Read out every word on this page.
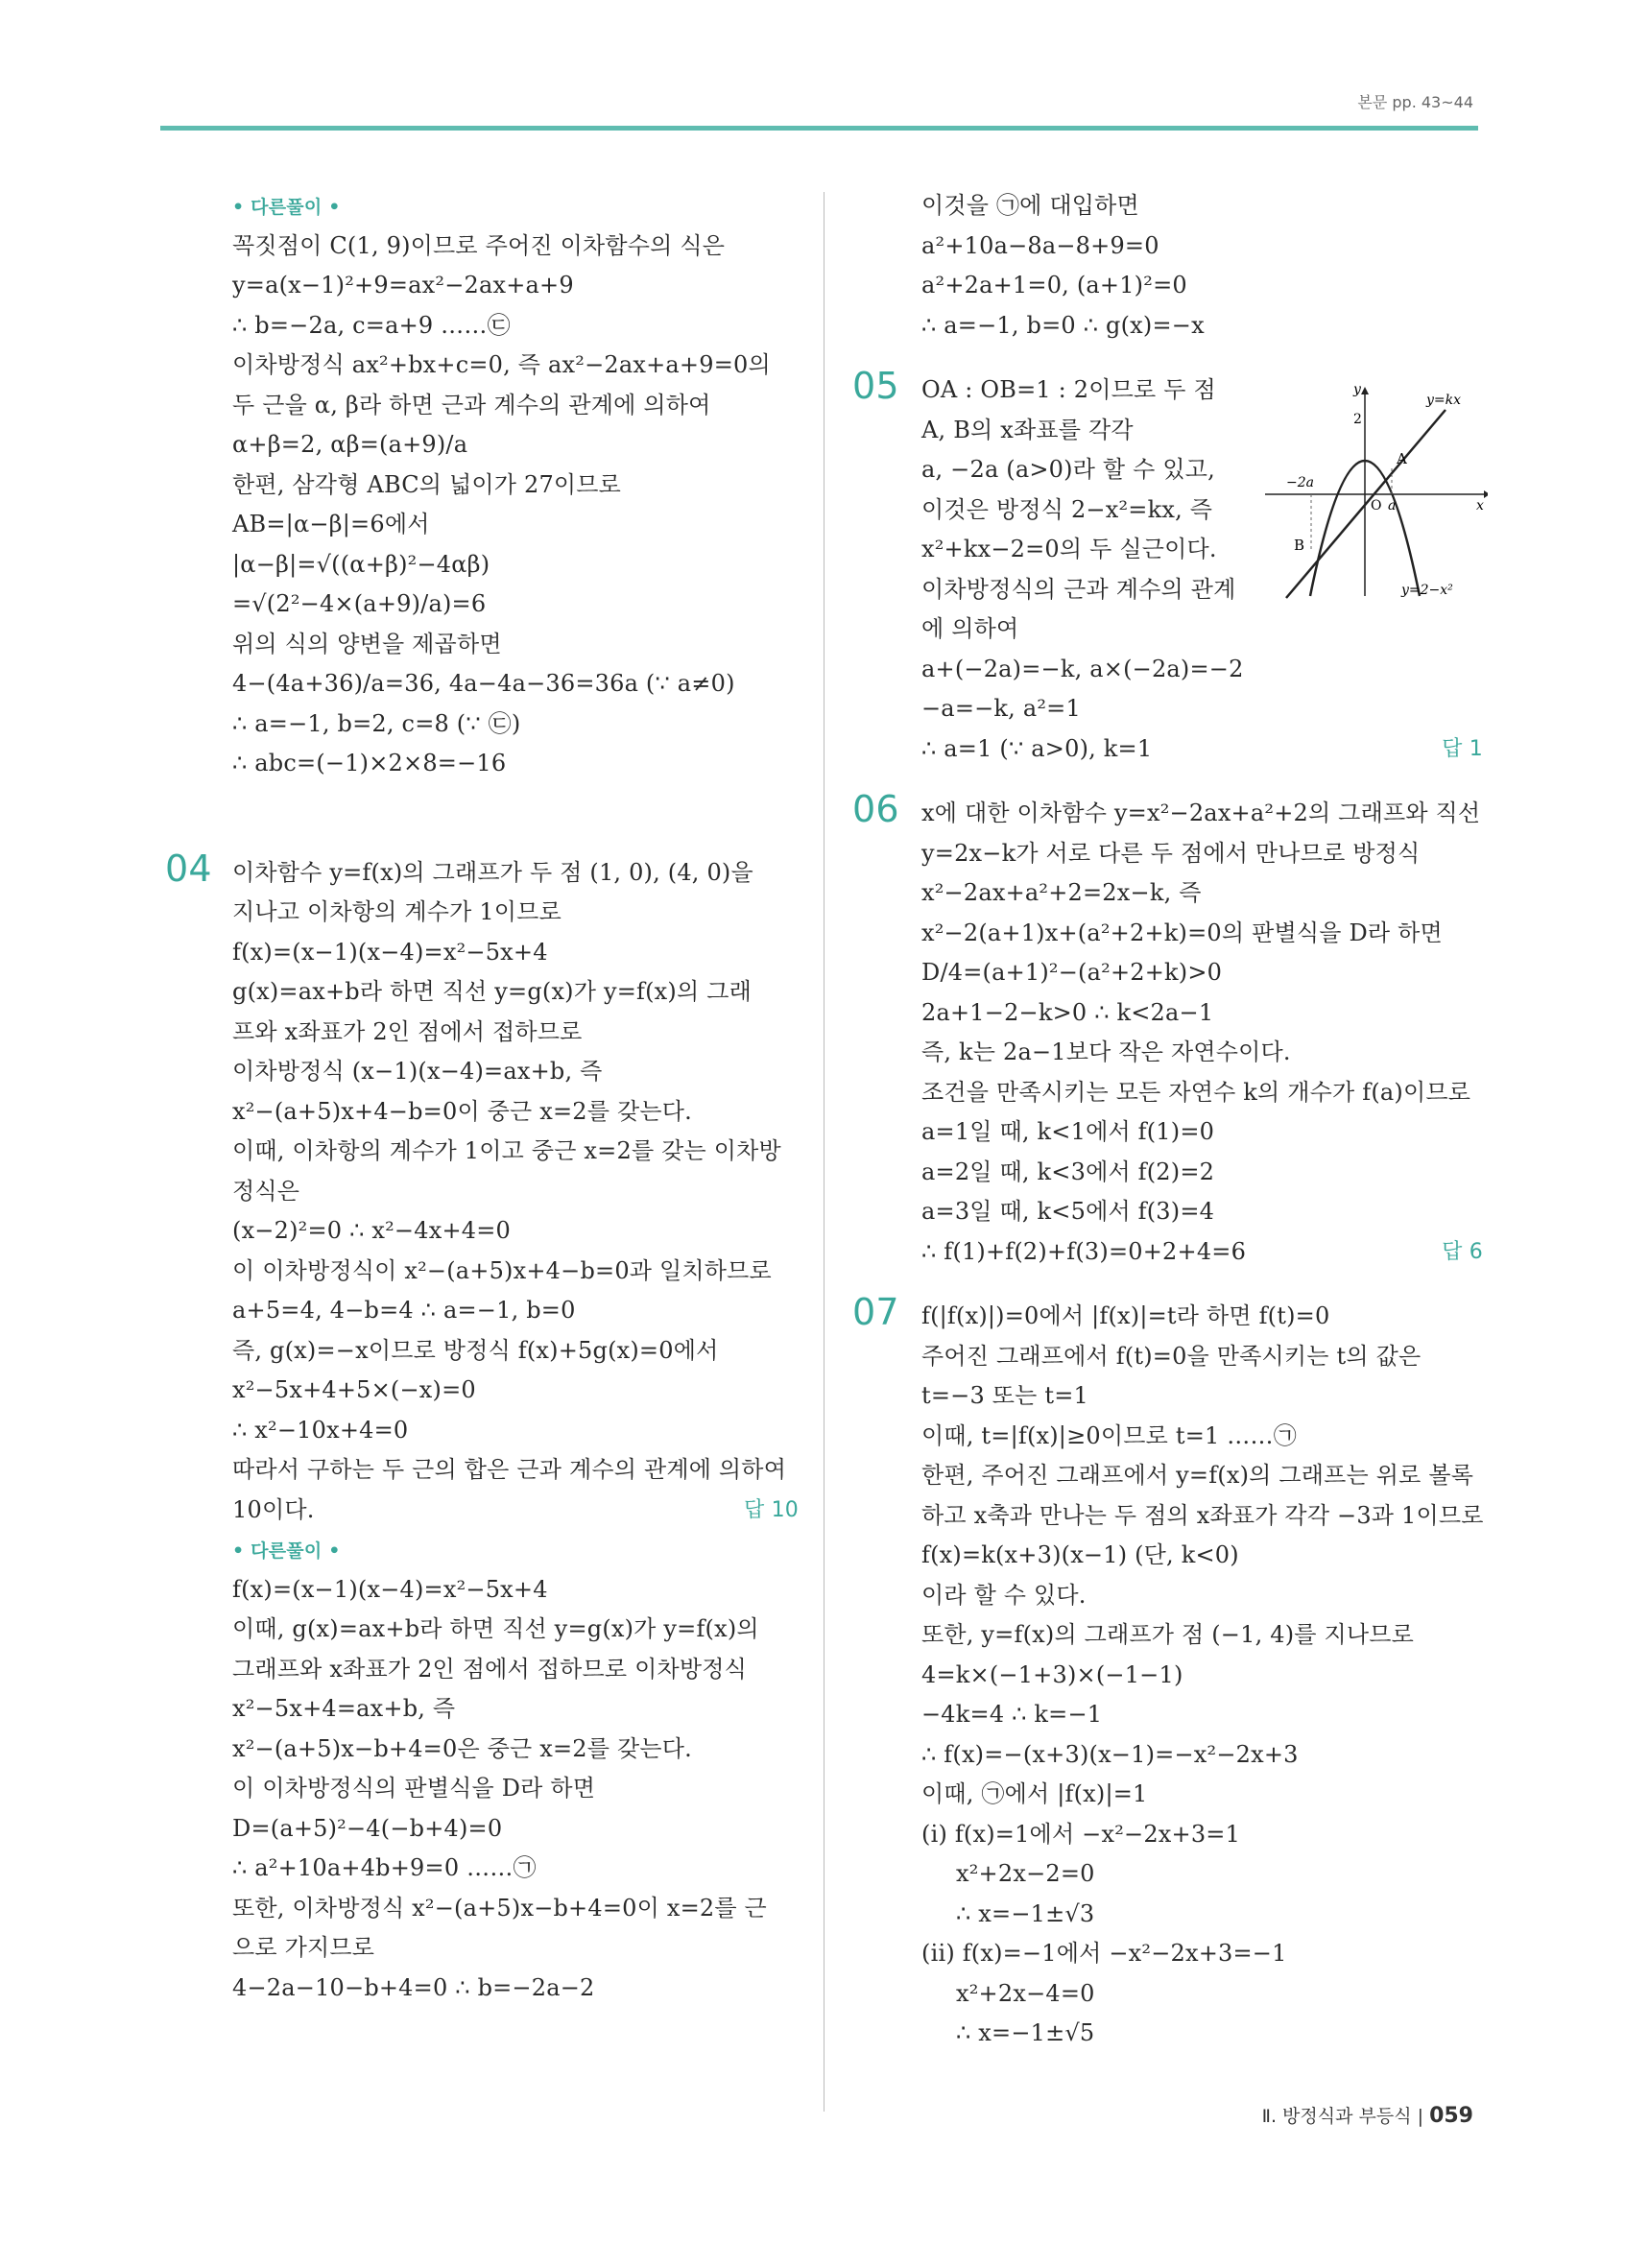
본문 pp. 43~44
• 다른풀이 •
꼭짓점이 C(1, 9)이므로 주어진 이차함수의 식은
y=a(x−1)²+9=ax²−2ax+a+9
∴ b=−2a, c=a+9 ……㉢
이차방정식 ax²+bx+c=0, 즉 ax²−2ax+a+9=0의
두 근을 α, β라 하면 근과 계수의 관계에 의하여
α+β=2, αβ=(a+9)/a
한편, 삼각형 ABC의 넓이가 27이므로
AB=|α−β|=6에서
|α−β|=√((α+β)²−4αβ)
=√(2²−4×(a+9)/a)=6
위의 식의 양변을 제곱하면
4−(4a+36)/a=36, 4a−4a−36=36a (∵ a≠0)
∴ a=−1, b=2, c=8 (∵ ㉢)
∴ abc=(−1)×2×8=−16
04 이차함수 y=f(x)의 그래프가 두 점 (1, 0), (4, 0)을
지나고 이차항의 계수가 1이므로
f(x)=(x−1)(x−4)=x²−5x+4
g(x)=ax+b라 하면 직선 y=g(x)가 y=f(x)의 그래
프와 x좌표가 2인 점에서 접하므로
이차방정식 (x−1)(x−4)=ax+b, 즉
x²−(a+5)x+4−b=0이 중근 x=2를 갖는다.
이때, 이차항의 계수가 1이고 중근 x=2를 갖는 이차방
정식은
(x−2)²=0 ∴ x²−4x+4=0
이 이차방정식이 x²−(a+5)x+4−b=0과 일치하므로
a+5=4, 4−b=4 ∴ a=−1, b=0
즉, g(x)=−x이므로 방정식 f(x)+5g(x)=0에서
x²−5x+4+5×(−x)=0
∴ x²−10x+4=0
따라서 구하는 두 근의 합은 근과 계수의 관계에 의하여
10이다.	답 10
• 다른풀이 •
f(x)=(x−1)(x−4)=x²−5x+4
이때, g(x)=ax+b라 하면 직선 y=g(x)가 y=f(x)의
그래프와 x좌표가 2인 점에서 접하므로 이차방정식
x²−5x+4=ax+b, 즉
x²−(a+5)x−b+4=0은 중근 x=2를 갖는다.
이 이차방정식의 판별식을 D라 하면
D=(a+5)²−4(−b+4)=0
∴ a²+10a+4b+9=0 ……㉠
또한, 이차방정식 x²−(a+5)x−b+4=0이 x=2를 근
으로 가지므로
4−2a−10−b+4=0 ∴ b=−2a−2
이것을 ㉠에 대입하면
a²+10a−8a−8+9=0
a²+2a+1=0, (a+1)²=0
∴ a=−1, b=0 ∴ g(x)=−x
05 OA : OB=1 : 2이므로 두 점
A, B의 x좌표를 각각
a, −2a (a>0)라 할 수 있고,
이것은 방정식 2−x²=kx, 즉
x²+kx−2=0의 두 실근이다.
이차방정식의 근과 계수의 관계
에 의하여
a+(−2a)=−k, a×(−2a)=−2
−a=−k, a²=1
∴ a=1 (∵ a>0), k=1	답 1
06 x에 대한 이차함수 y=x²−2ax+a²+2의 그래프와 직선
y=2x−k가 서로 다른 두 점에서 만나므로 방정식
x²−2ax+a²+2=2x−k, 즉
x²−2(a+1)x+(a²+2+k)=0의 판별식을 D라 하면
D/4=(a+1)²−(a²+2+k)>0
2a+1−2−k>0 ∴ k<2a−1
즉, k는 2a−1보다 작은 자연수이다.
조건을 만족시키는 모든 자연수 k의 개수가 f(a)이므로
a=1일 때, k<1에서 f(1)=0
a=2일 때, k<3에서 f(2)=2
a=3일 때, k<5에서 f(3)=4
∴ f(1)+f(2)+f(3)=0+2+4=6	답 6
07 f(|f(x)|)=0에서 |f(x)|=t라 하면 f(t)=0
주어진 그래프에서 f(t)=0을 만족시키는 t의 값은
t=−3 또는 t=1
이때, t=|f(x)|≥0이므로 t=1 ……㉠
한편, 주어진 그래프에서 y=f(x)의 그래프는 위로 볼록
하고 x축과 만나는 두 점의 x좌표가 각각 −3과 1이므로
f(x)=k(x+3)(x−1) (단, k<0)
이라 할 수 있다.
또한, y=f(x)의 그래프가 점 (−1, 4)를 지나므로
4=k×(−1+3)×(−1−1)
−4k=4 ∴ k=−1
∴ f(x)=−(x+3)(x−1)=−x²−2x+3
이때, ㉠에서 |f(x)|=1
(i) f(x)=1에서 −x²−2x+3=1
x²+2x−2=0
∴ x=−1±√3
(ii) f(x)=−1에서 −x²−2x+3=−1
x²+2x−4=0
∴ x=−1±√5
y
x
O
2
−2a
a
A
B
y=kx
y=2−x²
Ⅱ. 방정식과 부등식 | 059
